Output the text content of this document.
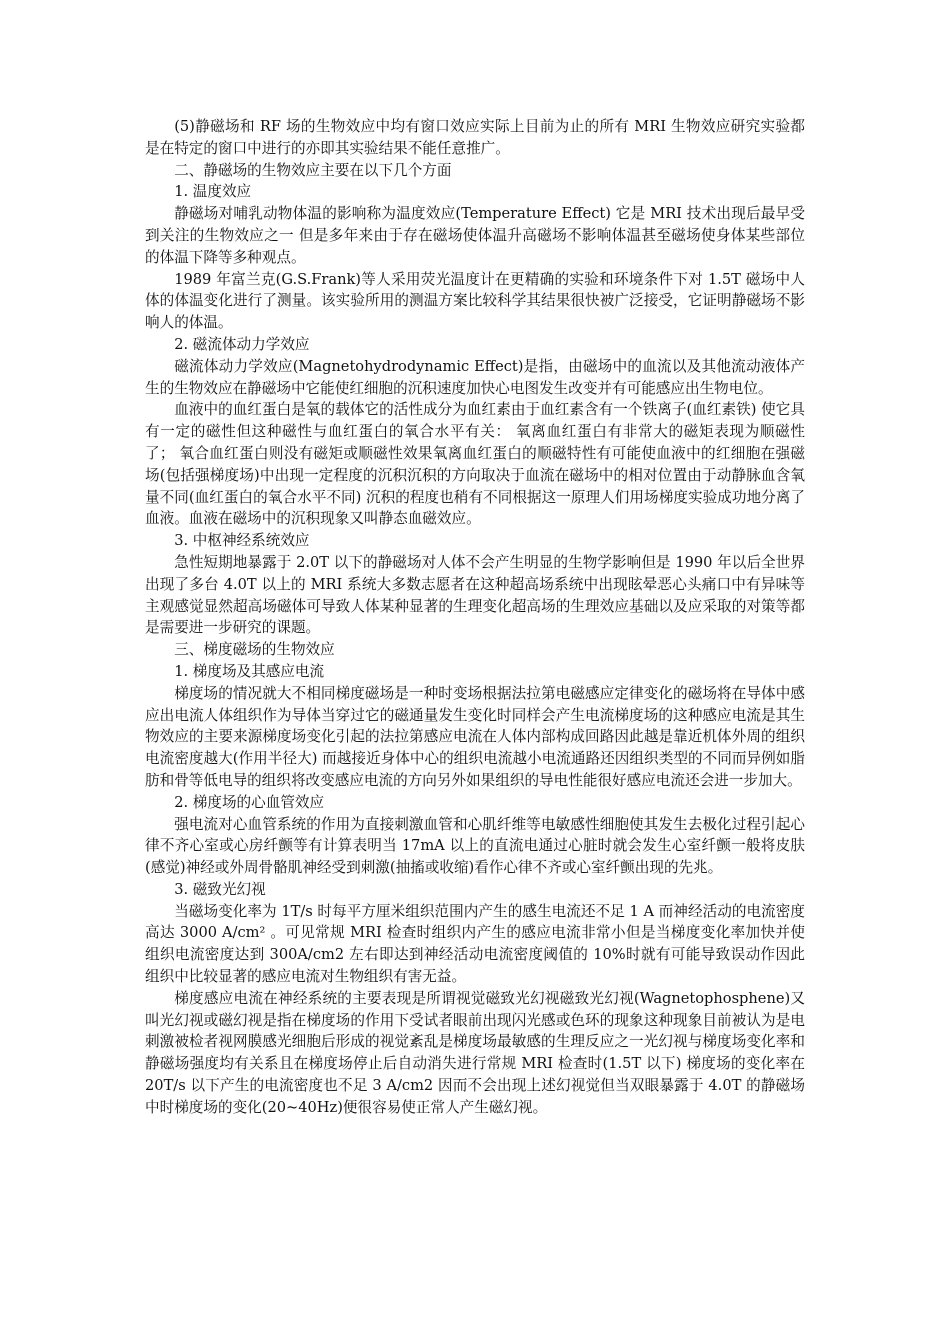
(5)静磁场和 RF 场的生物效应中均有窗口效应实际上目前为止的所有 MRI 生物效应研究实验都是在特定的窗口中进行的亦即其实验结果不能任意推广。

二、静磁场的生物效应主要在以下几个方面

1. 温度效应

静磁场对哺乳动物体温的影响称为温度效应(Temperature Effect) 它是 MRI 技术出现后最早受到关注的生物效应之一 但是多年来由于存在磁场使体温升高磁场不影响体温甚至磁场使身体某些部位的体温下降等多种观点。

1989 年富兰克(G.S.Frank)等人采用荧光温度计在更精确的实验和环境条件下对 1.5T 磁场中人体的体温变化进行了测量。该实验所用的测温方案比较科学其结果很快被广泛接受，它证明静磁场不影响人的体温。

2. 磁流体动力学效应

磁流体动力学效应(Magnetohydrodynamic Effect)是指，由磁场中的血流以及其他流动液体产生的生物效应在静磁场中它能使红细胞的沉积速度加快心电图发生改变并有可能感应出生物电位。

血液中的血红蛋白是氧的载体它的活性成分为血红素由于血红素含有一个铁离子(血红素铁) 使它具有一定的磁性但这种磁性与血红蛋白的氧合水平有关： 氧离血红蛋白有非常大的磁矩表现为顺磁性了； 氧合血红蛋白则没有磁矩或顺磁性效果氧离血红蛋白的顺磁特性有可能使血液中的红细胞在强磁场(包括强梯度场)中出现一定程度的沉积沉积的方向取决于血流在磁场中的相对位置由于动静脉血含氧量不同(血红蛋白的氧合水平不同) 沉积的程度也稍有不同根据这一原理人们用场梯度实验成功地分离了血液。血液在磁场中的沉积现象又叫静态血磁效应。

3. 中枢神经系统效应

急性短期地暴露于 2.0T 以下的静磁场对人体不会产生明显的生物学影响但是 1990 年以后全世界出现了多台 4.0T 以上的 MRI 系统大多数志愿者在这种超高场系统中出现眩晕恶心头痛口中有异味等主观感觉显然超高场磁体可导致人体某种显著的生理变化超高场的生理效应基础以及应采取的对策等都是需要进一步研究的课题。

三、梯度磁场的生物效应

1. 梯度场及其感应电流

梯度场的情况就大不相同梯度磁场是一种时变场根据法拉第电磁感应定律变化的磁场将在导体中感应出电流人体组织作为导体当穿过它的磁通量发生变化时同样会产生电流梯度场的这种感应电流是其生物效应的主要来源梯度场变化引起的法拉第感应电流在人体内部构成回路因此越是靠近机体外周的组织电流密度越大(作用半径大) 而越接近身体中心的组织电流越小电流通路还因组织类型的不同而异例如脂肪和骨等低电导的组织将改变感应电流的方向另外如果组织的导电性能很好感应电流还会进一步加大。

2. 梯度场的心血管效应

强电流对心血管系统的作用为直接刺激血管和心肌纤维等电敏感性细胞使其发生去极化过程引起心律不齐心室或心房纤颤等有计算表明当 17mA 以上的直流电通过心脏时就会发生心室纤颤一般将皮肤(感觉)神经或外周骨骼肌神经受到刺激(抽搐或收缩)看作心律不齐或心室纤颤出现的先兆。

3. 磁致光幻视

当磁场变化率为 1T/s 时每平方厘米组织范围内产生的感生电流还不足 1 A 而神经活动的电流密度高达 3000 A/cm² 。可见常规 MRI 检查时组织内产生的感应电流非常小但是当梯度变化率加快并使组织电流密度达到 300A/cm2 左右即达到神经活动电流密度阈值的 10%时就有可能导致误动作因此组织中比较显著的感应电流对生物组织有害无益。

梯度感应电流在神经系统的主要表现是所谓视觉磁致光幻视磁致光幻视(Wagnetophosphene)又叫光幻视或磁幻视是指在梯度场的作用下受试者眼前出现闪光感或色环的现象这种现象目前被认为是电刺激被检者视网膜感光细胞后形成的视觉紊乱是梯度场最敏感的生理反应之一光幻视与梯度场变化率和静磁场强度均有关系且在梯度场停止后自动消失进行常规 MRI 检查时(1.5T 以下) 梯度场的变化率在 20T/s 以下产生的电流密度也不足 3 A/cm2 因而不会出现上述幻视觉但当双眼暴露于 4.0T 的静磁场中时梯度场的变化(20~40Hz)便很容易使正常人产生磁幻视。
